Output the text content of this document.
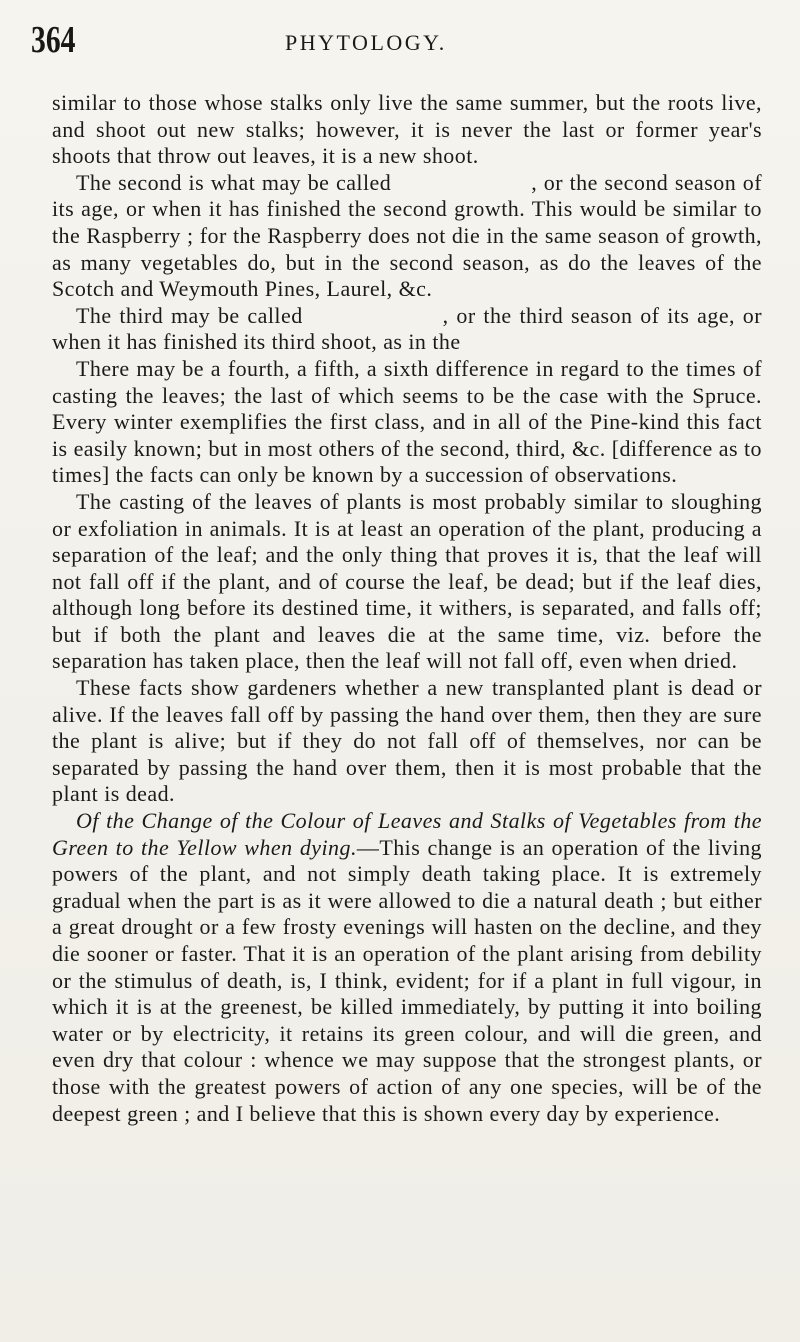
364	PHYTOLOGY.

similar to those whose stalks only live the same summer, but the roots live, and shoot out new stalks; however, it is never the last or former year's shoots that throw out leaves, it is a new shoot.

The second is what may be called	, or the second season of its age, or when it has finished the second growth. This would be similar to the Raspberry ; for the Raspberry does not die in the same season of growth, as many vegetables do, but in the second season, as do the leaves of the Scotch and Weymouth Pines, Laurel, &c.

The third may be called	, or the third season of its age, or when it has finished its third shoot, as in the

There may be a fourth, a fifth, a sixth difference in regard to the times of casting the leaves; the last of which seems to be the case with the Spruce. Every winter exemplifies the first class, and in all of the Pine-kind this fact is easily known; but in most others of the second, third, &c. [difference as to times] the facts can only be known by a succession of observations.

The casting of the leaves of plants is most probably similar to sloughing or exfoliation in animals. It is at least an operation of the plant, producing a separation of the leaf; and the only thing that proves it is, that the leaf will not fall off if the plant, and of course the leaf, be dead; but if the leaf dies, although long before its destined time, it withers, is separated, and falls off; but if both the plant and leaves die at the same time, viz. before the separation has taken place, then the leaf will not fall off, even when dried.

These facts show gardeners whether a new transplanted plant is dead or alive. If the leaves fall off by passing the hand over them, then they are sure the plant is alive; but if they do not fall off of themselves, nor can be separated by passing the hand over them, then it is most probable that the plant is dead.

Of the Change of the Colour of Leaves and Stalks of Vegetables from the Green to the Yellow when dying.—This change is an operation of the living powers of the plant, and not simply death taking place. It is extremely gradual when the part is as it were allowed to die a natural death ; but either a great drought or a few frosty evenings will hasten on the decline, and they die sooner or faster. That it is an operation of the plant arising from debility or the stimulus of death, is, I think, evident; for if a plant in full vigour, in which it is at the greenest, be killed immediately, by putting it into boiling water or by electricity, it retains its green colour, and will die green, and even dry that colour : whence we may suppose that the strongest plants, or those with the greatest powers of action of any one species, will be of the deepest green ; and I believe that this is shown every day by experience.
